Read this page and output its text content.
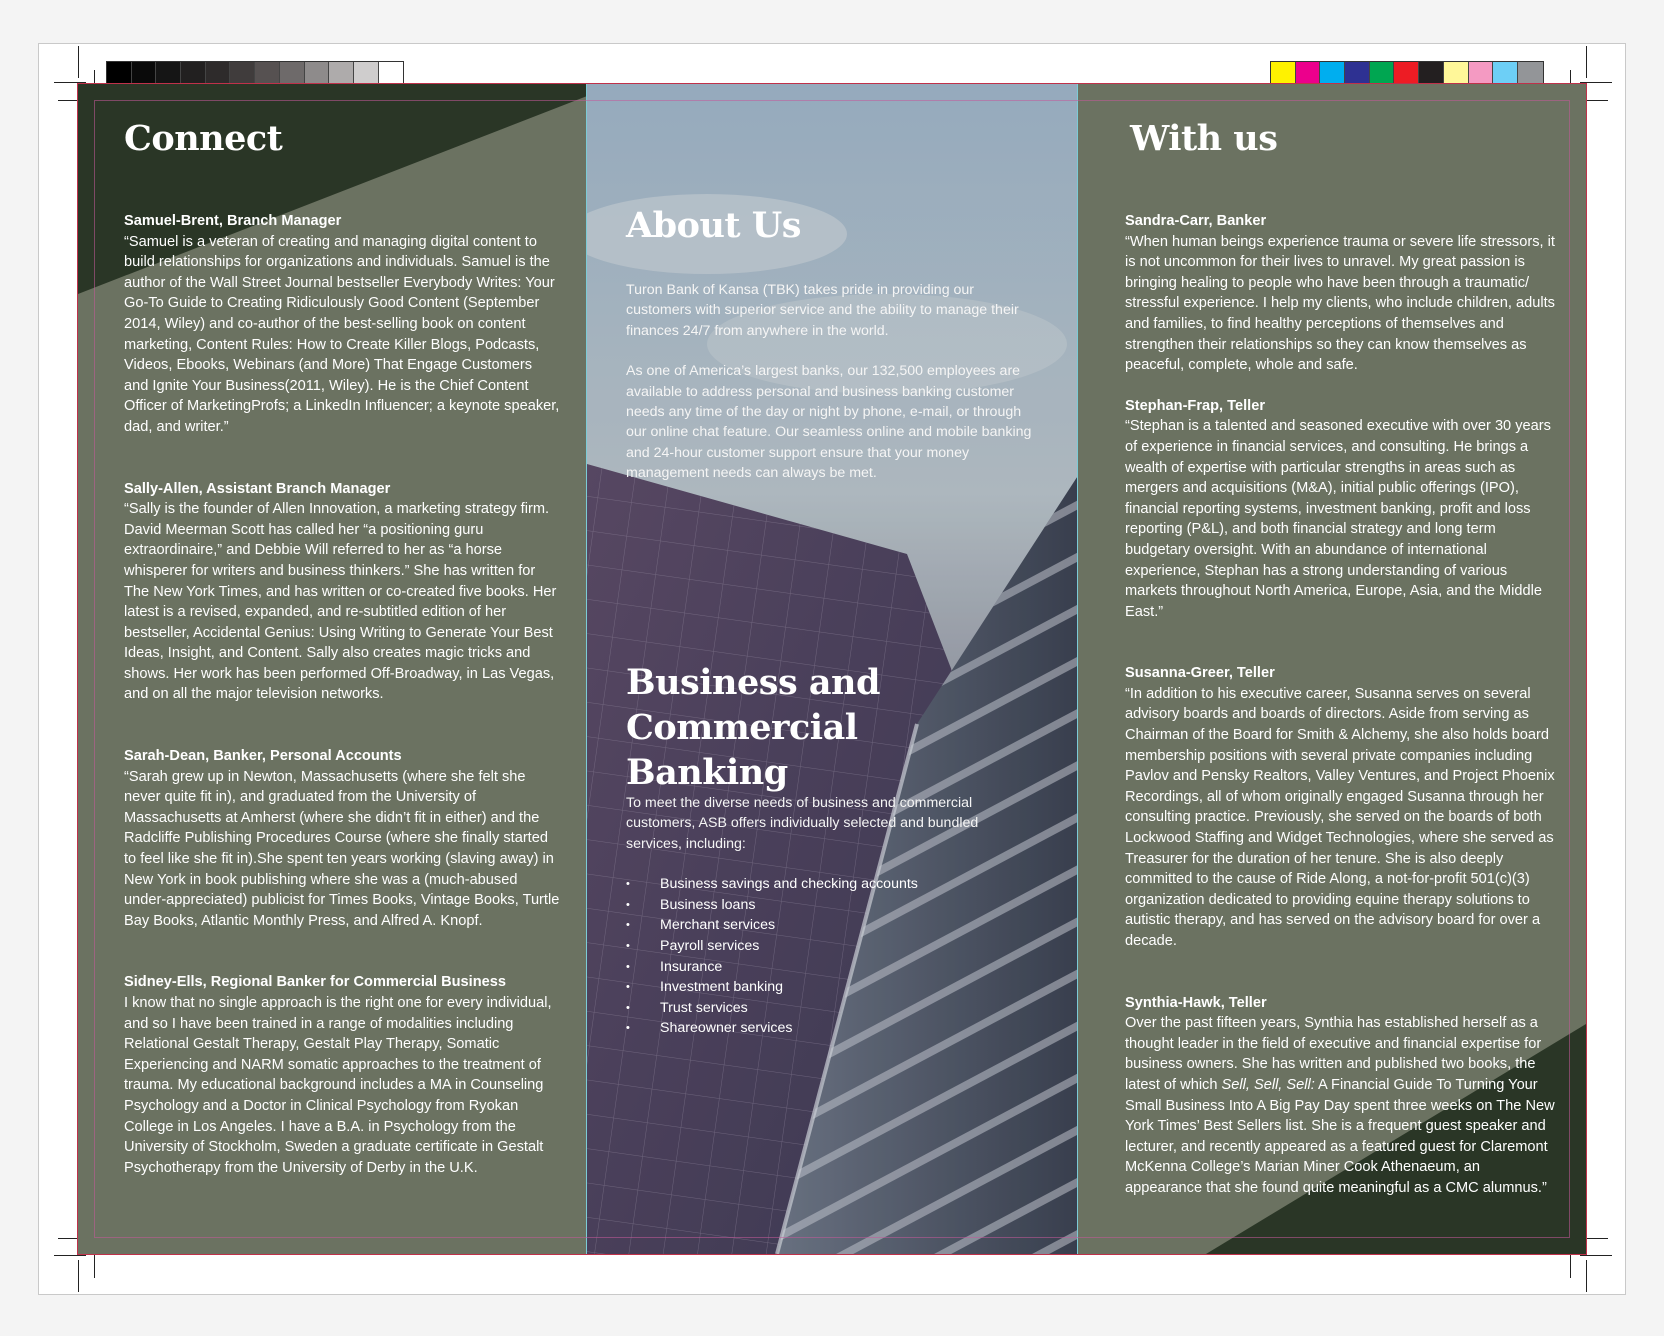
Connect
Samuel-Brent, Branch Manager
“Samuel is a veteran of creating and managing digital content to build relationships for organizations and individuals. Samuel is the author of the Wall Street Journal bestseller Everybody Writes: Your Go-To Guide to Creating Ridiculously Good Content (September 2014, Wiley) and co-author of the best-selling book on content marketing, Content Rules: How to Create Killer Blogs, Podcasts, Videos, Ebooks, Webinars (and More) That Engage Customers and Ignite Your Business(2011, Wiley). He is the Chief Content Officer of MarketingProfs; a LinkedIn Influencer; a keynote speaker, dad, and writer.”
Sally-Allen, Assistant Branch Manager
“Sally is the founder of Allen Innovation, a marketing strategy firm. David Meerman Scott has called her “a positioning guru extraordinaire,” and Debbie Will referred to her as “a horse whisperer for writers and business thinkers.” She has written for The New York Times, and has written or co-created five books. Her latest is a revised, expanded, and re-subtitled edition of her bestseller, Accidental Genius: Using Writing to Generate Your Best Ideas, Insight, and Content. Sally also creates magic tricks and shows. Her work has been performed Off-Broadway, in Las Vegas, and on all the major television networks.
Sarah-Dean, Banker, Personal Accounts
“Sarah grew up in Newton, Massachusetts (where she felt she never quite fit in), and graduated from the University of Massachusetts at Amherst (where she didn’t fit in either) and the Radcliffe Publishing Procedures Course (where she finally started to feel like she fit in).She spent ten years working (slaving away) in New York in book publishing where she was a (much-abused under-appreciated) publicist for Times Books, Vintage Books, Turtle Bay Books, Atlantic Monthly Press, and Alfred A. Knopf.
Sidney-Ells, Regional Banker for Commercial Business
I know that no single approach is the right one for every individual, and so I have been trained in a range of modalities including Relational Gestalt Therapy, Gestalt Play Therapy, Somatic Experiencing and NARM somatic approaches to the treatment of trauma. My educational background includes a MA in Counseling Psychology and a Doctor in Clinical Psychology from Ryokan College in Los Angeles. I have a B.A. in Psychology from the University of Stockholm, Sweden a graduate certificate in Gestalt Psychotherapy from the University of Derby in the U.K.
About Us

Turon Bank of Kansa (TBK) takes pride in providing our customers with superior service and the ability to manage their finances 24/7 from anywhere in the world.

As one of America’s largest banks, our 132,500 employees are available to address personal and business banking customer needs any time of the day or night by phone, e-mail, or through our online chat feature. Our seamless online and mobile banking and 24-hour customer support ensure that your money management needs can always be met.

Business and Commercial Banking

To meet the diverse needs of business and commercial customers, ASB offers individually selected and bundled services, including:

• Business savings and checking accounts
• Business loans
• Merchant services
• Payroll services
• Insurance
• Investment banking
• Trust services
• Shareowner services
With us
Sandra-Carr, Banker
“When human beings experience trauma or severe life stressors, it is not uncommon for their lives to unravel. My great passion is bringing healing to people who have been through a traumatic/ stressful experience. I help my clients, who include children, adults and families, to find healthy perceptions of themselves and strengthen their relationships so they can know themselves as peaceful, complete, whole and safe.
Stephan-Frap, Teller
“Stephan is a talented and seasoned executive with over 30 years of experience in financial services, and consulting. He brings a wealth of expertise with particular strengths in areas such as mergers and acquisitions (M&A), initial public offerings (IPO), financial reporting systems, investment banking, profit and loss reporting (P&L), and both financial strategy and long term budgetary oversight. With an abundance of international experience, Stephan has a strong understanding of various markets throughout North America, Europe, Asia, and the Middle East.”
Susanna-Greer, Teller
“In addition to his executive career, Susanna serves on several advisory boards and boards of directors. Aside from serving as Chairman of the Board for Smith & Alchemy, she also holds board membership positions with several private companies including Pavlov and Pensky Realtors, Valley Ventures, and Project Phoenix Recordings, all of whom originally engaged Susanna through her consulting practice. Previously, she served on the boards of both Lockwood Staffing and Widget Technologies, where she served as Treasurer for the duration of her tenure. She is also deeply committed to the cause of Ride Along, a not-for-profit 501(c)(3) organization dedicated to providing equine therapy solutions to autistic therapy, and has served on the advisory board for over a decade.
Synthia-Hawk, Teller
Over the past fifteen years, Synthia has established herself as a thought leader in the field of executive and financial expertise for business owners. She has written and published two books, the latest of which Sell, Sell, Sell: A Financial Guide To Turning Your Small Business Into A Big Pay Day spent three weeks on The New York Times’ Best Sellers list. She is a frequent guest speaker and lecturer, and recently appeared as a featured guest for Claremont McKenna College’s Marian Miner Cook Athenaeum, an appearance that she found quite meaningful as a CMC alumnus.”
